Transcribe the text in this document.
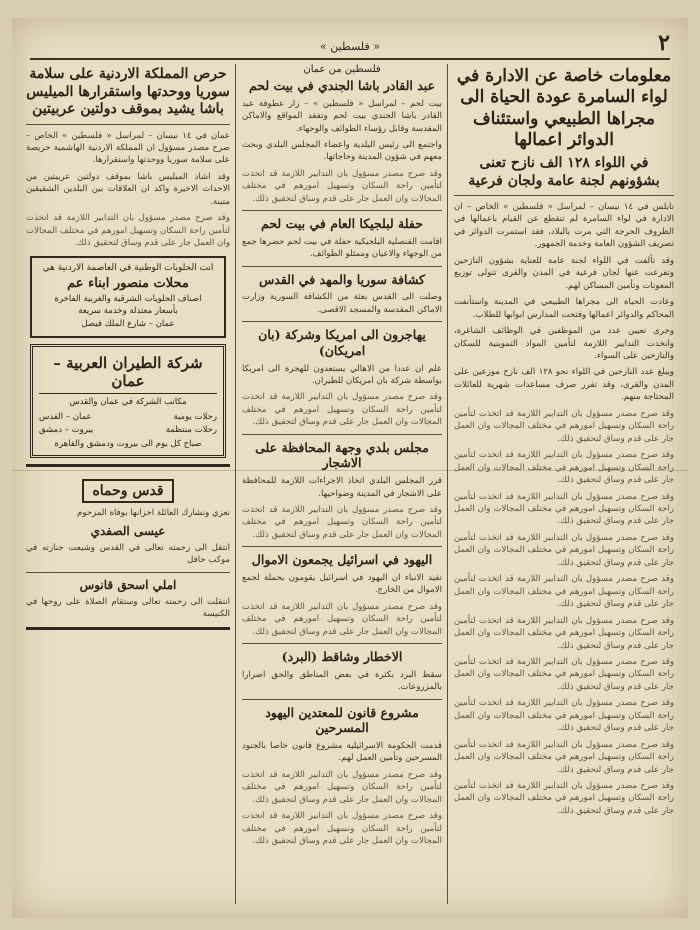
٢
« فلسطين »
معلومات خاصة عن الادارة في لواء السامرة عودة الحياة الى مجراها الطبيعي واستئناف الدوائر اعمالها
في اللواء ١٢٨ الف نازح تعنى بشؤونهم لجنة عامة ولجان فرعية

نابلس في ١٤ نيسان – لمراسل « فلسطين » الخاص – ان الادارة في لواء السامرة لم تنقطع عن القيام باعمالها في الظروف الحرجة التي مرت بالبلاد، فقد استمرت الدوائر في تصريف الشؤون العامة وخدمة الجمهور.

وقد تألفت في اللواء لجنة عامة للعناية بشؤون النازحين وتفرعت عنها لجان فرعية في المدن والقرى تتولى توزيع المعونات وتأمين المساكن لهم.

وعادت الحياة الى مجراها الطبيعي في المدينة واستأنفت المحاكم والدوائر اعمالها وفتحت المدارس ابوابها للطلاب.

وجرى تعيين عدد من الموظفين في الوظائف الشاغرة، واتخذت التدابير اللازمة لتأمين المواد التموينية للسكان والنازحين على السواء.

ويبلغ عدد النازحين في اللواء نحو ١٢٨ الف نازح موزعين على المدن والقرى، وقد تقرر صرف مساعدات شهرية للعائلات المحتاجة منهم.

وقد صرح مصدر مسؤول بان التدابير اللازمة قد اتخذت لتأمين راحة السكان وتسهيل امورهم في مختلف المجالات وان العمل جار على قدم وساق لتحقيق ذلك.

وقد صرح مصدر مسؤول بان التدابير اللازمة قد اتخذت لتأمين راحة السكان وتسهيل امورهم في مختلف المجالات وان العمل جار على قدم وساق لتحقيق ذلك.

وقد صرح مصدر مسؤول بان التدابير اللازمة قد اتخذت لتأمين راحة السكان وتسهيل امورهم في مختلف المجالات وان العمل جار على قدم وساق لتحقيق ذلك.

وقد صرح مصدر مسؤول بان التدابير اللازمة قد اتخذت لتأمين راحة السكان وتسهيل امورهم في مختلف المجالات وان العمل جار على قدم وساق لتحقيق ذلك.

وقد صرح مصدر مسؤول بان التدابير اللازمة قد اتخذت لتأمين راحة السكان وتسهيل امورهم في مختلف المجالات وان العمل جار على قدم وساق لتحقيق ذلك.

وقد صرح مصدر مسؤول بان التدابير اللازمة قد اتخذت لتأمين راحة السكان وتسهيل امورهم في مختلف المجالات وان العمل جار على قدم وساق لتحقيق ذلك.

وقد صرح مصدر مسؤول بان التدابير اللازمة قد اتخذت لتأمين راحة السكان وتسهيل امورهم في مختلف المجالات وان العمل جار على قدم وساق لتحقيق ذلك.

وقد صرح مصدر مسؤول بان التدابير اللازمة قد اتخذت لتأمين راحة السكان وتسهيل امورهم في مختلف المجالات وان العمل جار على قدم وساق لتحقيق ذلك.

وقد صرح مصدر مسؤول بان التدابير اللازمة قد اتخذت لتأمين راحة السكان وتسهيل امورهم في مختلف المجالات وان العمل جار على قدم وساق لتحقيق ذلك.

وقد صرح مصدر مسؤول بان التدابير اللازمة قد اتخذت لتأمين راحة السكان وتسهيل امورهم في مختلف المجالات وان العمل جار على قدم وساق لتحقيق ذلك.

فلسطين من عمان
عبد القادر باشا الجندي في بيت لحم

بيت لحم – لمراسل « فلسطين » – زار عطوفة عبد القادر باشا الجندي بيت لحم وتفقد المواقع والاماكن المقدسة وقابل رؤساء الطوائف والوجهاء.

واجتمع الى رئيس البلدية واعضاء المجلس البلدي وبحث معهم في شؤون المدينة وحاجاتها.

وقد صرح مصدر مسؤول بان التدابير اللازمة قد اتخذت لتأمين راحة السكان وتسهيل امورهم في مختلف المجالات وان العمل جار على قدم وساق لتحقيق ذلك.

حفلة لبلجيكا العام في بيت لحم

اقامت القنصلية البلجيكية حفلة في بيت لحم حضرها جمع من الوجهاء والاعيان وممثلو الطوائف.

كشافة سوريا والمهد في القدس

وصلت الى القدس بعثة من الكشافة السورية وزارت الاماكن المقدسة والمسجد الاقصى.

يهاجرون الى امريكا وشركة (بان امريكان)

علم ان عددا من الاهالي يستعدون للهجرة الى امريكا بواسطة شركة بان امريكان للطيران.

وقد صرح مصدر مسؤول بان التدابير اللازمة قد اتخذت لتأمين راحة السكان وتسهيل امورهم في مختلف المجالات وان العمل جار على قدم وساق لتحقيق ذلك.

مجلس بلدي وجهة المحافظة على الاشجار

قرر المجلس البلدي اتخاذ الاجراءات اللازمة للمحافظة على الاشجار في المدينة وضواحيها.

وقد صرح مصدر مسؤول بان التدابير اللازمة قد اتخذت لتأمين راحة السكان وتسهيل امورهم في مختلف المجالات وان العمل جار على قدم وساق لتحقيق ذلك.

اليهود في اسرائيل يجمعون الاموال

تفيد الانباء ان اليهود في اسرائيل يقومون بحملة لجمع الاموال من الخارج.

وقد صرح مصدر مسؤول بان التدابير اللازمة قد اتخذت لتأمين راحة السكان وتسهيل امورهم في مختلف المجالات وان العمل جار على قدم وساق لتحقيق ذلك.

الاخطار وشاقط (البرد)

سقط البرد بكثرة في بعض المناطق والحق اضرارا بالمزروعات.

مشروع قانون للمعتدين اليهود المسرحين

قدمت الحكومة الاسرائيلية مشروع قانون خاصا بالجنود المسرحين وتأمين العمل لهم.

وقد صرح مصدر مسؤول بان التدابير اللازمة قد اتخذت لتأمين راحة السكان وتسهيل امورهم في مختلف المجالات وان العمل جار على قدم وساق لتحقيق ذلك.

وقد صرح مصدر مسؤول بان التدابير اللازمة قد اتخذت لتأمين راحة السكان وتسهيل امورهم في مختلف المجالات وان العمل جار على قدم وساق لتحقيق ذلك.

حرص المملكة الاردنية على سلامة سوريا ووحدتها واستقرارها الميليس باشا يشيد بموقف دولتين عربيتين

عمان في ١٤ نيسان – لمراسل « فلسطين » الخاص – صرح مصدر مسؤول ان المملكة الاردنية الهاشمية حريصة على سلامة سوريا ووحدتها واستقرارها.

وقد اشاد الميليس باشا بموقف دولتين عربيتين من الاحداث الاخيرة واكد ان العلاقات بين البلدين الشقيقين متينة.

وقد صرح مصدر مسؤول بان التدابير اللازمة قد اتخذت لتأمين راحة السكان وتسهيل امورهم في مختلف المجالات وان العمل جار على قدم وساق لتحقيق ذلك.

انت الحلويات الوطنية في العاصمة الاردنية هي
محلات منصور ابناء عم
اصناف الحلويات الشرقية والغربية الفاخرة
بأسعار معتدلة وخدمة سريعة
عمان – شارع الملك فيصل
شركة الطيران العربية – عمان
مكاتب الشركة في عمان والقدس
رحلات يومية
عمان – القدس
رحلات منتظمة
بيروت – دمشق
صباح كل يوم الى بيروت ودمشق والقاهرة
قدس وحماه

نعزي ونشارك العائلة احزانها بوفاة المرحوم

عيسى الصفدي

انتقل الى رحمته تعالى في القدس وشيعت جنازته في موكب حافل

املي اسحق قانوس

انتقلت الى رحمته تعالى وستقام الصلاة على روحها في الكنيسة
